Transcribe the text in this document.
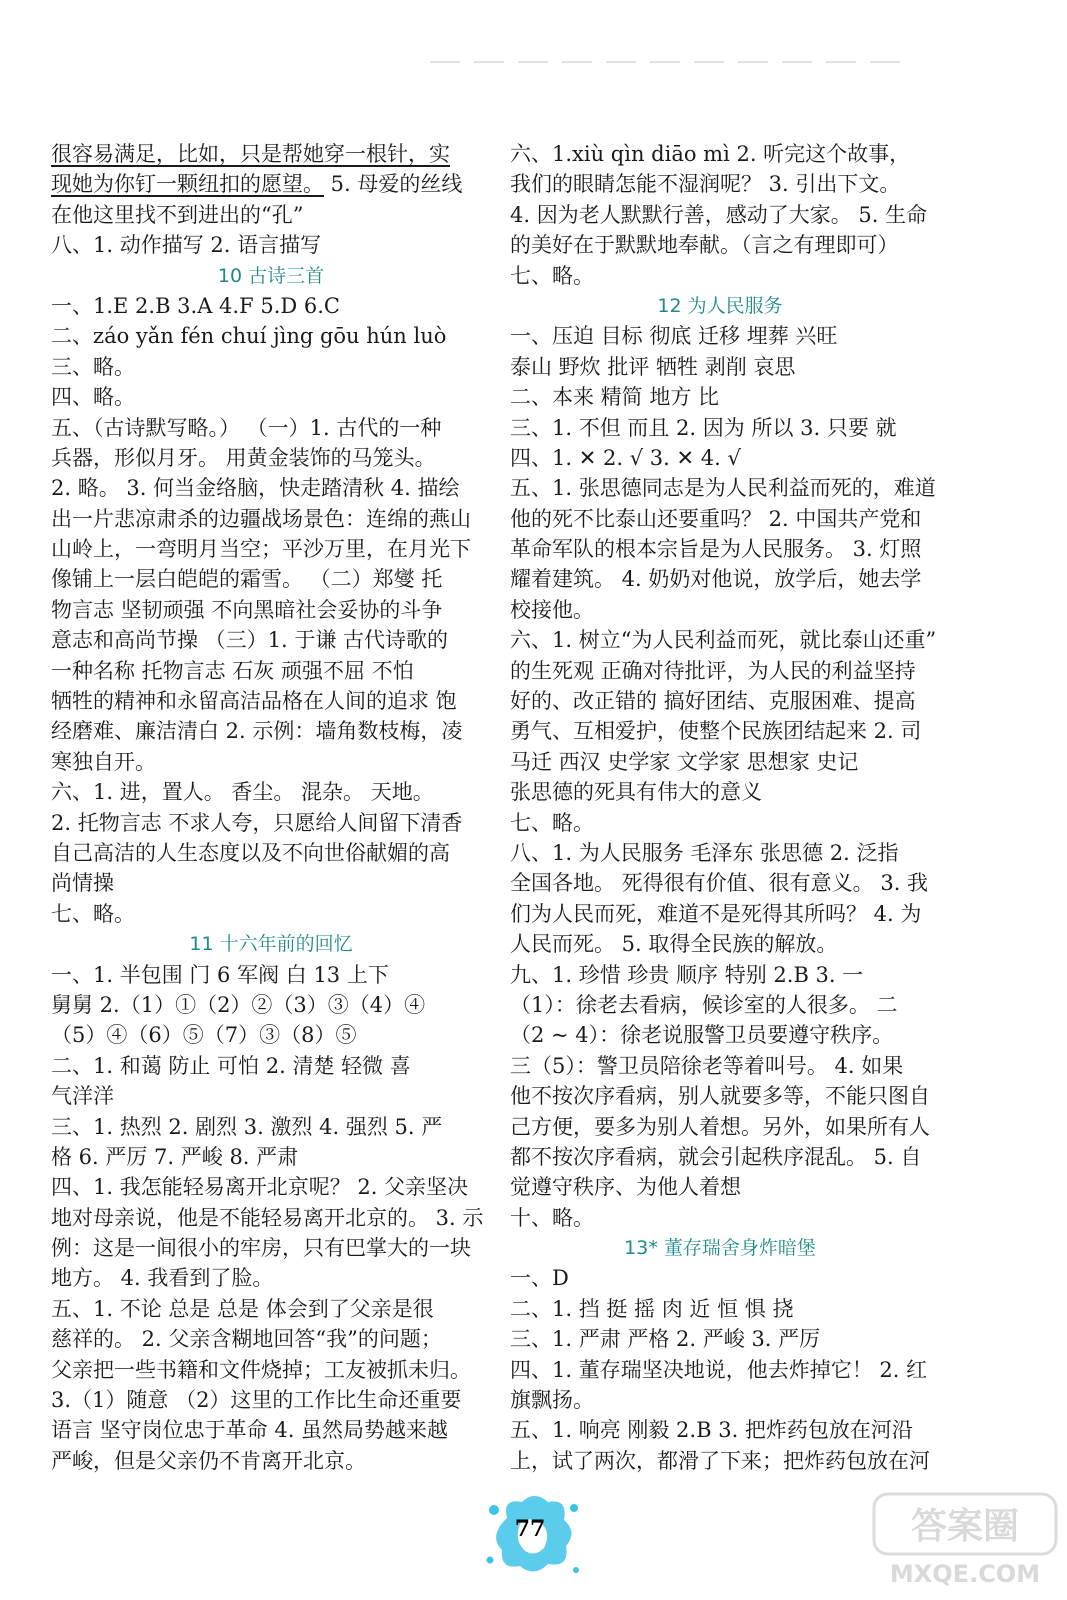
很容易满足，比如，只是帮她穿一根针，实
现她为你钉一颗纽扣的愿望。 5. 母爱的丝线
在他这里找不到进出的“孔”
八、1. 动作描写 2. 语言描写
10 古诗三首
一、1.E 2.B 3.A 4.F 5.D 6.C
二、záo yǎn fén chuí jìng gōu hún luò
三、略。
四、略。
五、（古诗默写略。） （一）1. 古代的一种
兵器，形似月牙。 用黄金装饰的马笼头。
2. 略。 3. 何当金络脑，快走踏清秋 4. 描绘
出一片悲凉肃杀的边疆战场景色：连绵的燕山
山岭上，一弯明月当空；平沙万里，在月光下
像铺上一层白皑皑的霜雪。 （二）郑燮 托
物言志 坚韧顽强 不向黑暗社会妥协的斗争
意志和高尚节操 （三）1. 于谦 古代诗歌的
一种名称 托物言志 石灰 顽强不屈 不怕
牺牲的精神和永留高洁品格在人间的追求 饱
经磨难、廉洁清白 2. 示例：墙角数枝梅，凌
寒独自开。
六、1. 进，置人。 香尘。 混杂。 天地。
2. 托物言志 不求人夸，只愿给人间留下清香
自己高洁的人生态度以及不向世俗献媚的高
尚情操
七、略。
11 十六年前的回忆
一、1. 半包围 门 6 军阀 白 13 上下
舅舅 2.（1）①（2）②（3）③（4）④
（5）④（6）⑤（7）③（8）⑤
二、1. 和蔼 防止 可怕 2. 清楚 轻微 喜
气洋洋
三、1. 热烈 2. 剧烈 3. 激烈 4. 强烈 5. 严
格 6. 严厉 7. 严峻 8. 严肃
四、1. 我怎能轻易离开北京呢？ 2. 父亲坚决
地对母亲说，他是不能轻易离开北京的。 3. 示
例：这是一间很小的牢房，只有巴掌大的一块
地方。 4. 我看到了脸。
五、1. 不论 总是 总是 体会到了父亲是很
慈祥的。 2. 父亲含糊地回答“我”的问题；
父亲把一些书籍和文件烧掉；工友被抓未归。
3.（1）随意 （2）这里的工作比生命还重要
语言 坚守岗位忠于革命 4. 虽然局势越来越
严峻，但是父亲仍不肯离开北京。
六、1.xiù qìn diāo mì 2. 听完这个故事，
我们的眼睛怎能不湿润呢？ 3. 引出下文。
4. 因为老人默默行善，感动了大家。 5. 生命
的美好在于默默地奉献。（言之有理即可）
七、略。
12 为人民服务
一、压迫 目标 彻底 迁移 埋葬 兴旺
泰山 野炊 批评 牺牲 剥削 哀思
二、本来 精简 地方 比
三、1. 不但 而且 2. 因为 所以 3. 只要 就
四、1. ✕ 2. √ 3. ✕ 4. √
五、1. 张思德同志是为人民利益而死的，难道
他的死不比泰山还要重吗？ 2. 中国共产党和
革命军队的根本宗旨是为人民服务。 3. 灯照
耀着建筑。 4. 奶奶对他说，放学后，她去学
校接他。
六、1. 树立“为人民利益而死，就比泰山还重”
的生死观 正确对待批评，为人民的利益坚持
好的、改正错的 搞好团结、克服困难、提高
勇气、互相爱护，使整个民族团结起来 2. 司
马迁 西汉 史学家 文学家 思想家 史记
张思德的死具有伟大的意义
七、略。
八、1. 为人民服务 毛泽东 张思德 2. 泛指
全国各地。 死得很有价值、很有意义。 3. 我
们为人民而死，难道不是死得其所吗？ 4. 为
人民而死。 5. 取得全民族的解放。
九、1. 珍惜 珍贵 顺序 特别 2.B 3. 一
（1）：徐老去看病，候诊室的人很多。 二
（2 ~ 4）：徐老说服警卫员要遵守秩序。
三（5）：警卫员陪徐老等着叫号。 4. 如果
他不按次序看病，别人就要多等，不能只图自
己方便，要多为别人着想。另外，如果所有人
都不按次序看病，就会引起秩序混乱。 5. 自
觉遵守秩序、为他人着想
十、略。
13* 董存瑞舍身炸暗堡
一、D
二、1. 挡 挺 摇 肉 近 恒 惧 挠
三、1. 严肃 严格 2. 严峻 3. 严厉
四、1. 董存瑞坚决地说，他去炸掉它！ 2. 红
旗飘扬。
五、1. 响亮 刚毅 2.B 3. 把炸药包放在河沿
上，试了两次，都滑了下来；把炸药包放在河
77	答案圈
MXQE.COM
